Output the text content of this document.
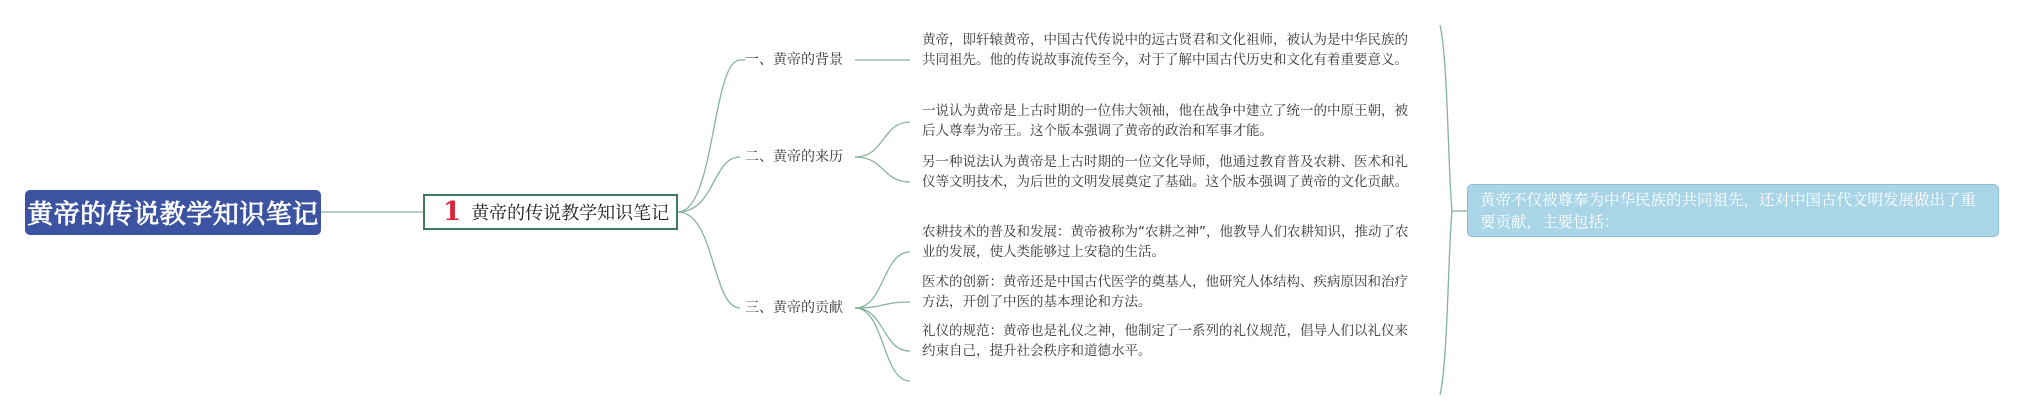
黄帝的传说教学知识笔记	1 黄帝的传说教学知识笔记
一、黄帝的背景
二、黄帝的来历
三、黄帝的贡献
黄帝，即轩辕黄帝，中国古代传说中的远古贤君和文化祖师，被认为是中华民族的共同祖先。他的传说故事流传至今，对于了解中国古代历史和文化有着重要意义。
一说认为黄帝是上古时期的一位伟大领袖，他在战争中建立了统一的中原王朝，被后人尊奉为帝王。这个版本强调了黄帝的政治和军事才能。
另一种说法认为黄帝是上古时期的一位文化导师，他通过教育普及农耕、医术和礼仪等文明技术，为后世的文明发展奠定了基础。这个版本强调了黄帝的文化贡献。
农耕技术的普及和发展：黄帝被称为“农耕之神”，他教导人们农耕知识，推动了农业的发展，使人类能够过上安稳的生活。
医术的创新：黄帝还是中国古代医学的奠基人，他研究人体结构、疾病原因和治疗方法，开创了中医的基本理论和方法。
礼仪的规范：黄帝也是礼仪之神，他制定了一系列的礼仪规范，倡导人们以礼仪来约束自己，提升社会秩序和道德水平。
黄帝不仅被尊奉为中华民族的共同祖先，还对中国古代文明发展做出了重要贡献，主要包括：
